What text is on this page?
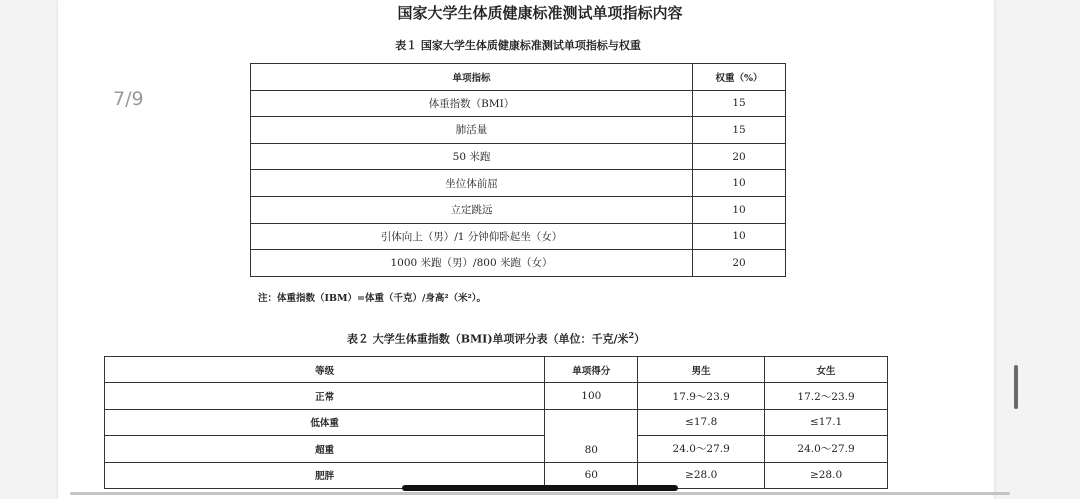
7/9
国家大学生体质健康标准测试单项指标内容
表１ 国家大学生体质健康标准测试单项指标与权重
单项指标	权重（%）
体重指数（BMI）	15
肺活量	15
50 米跑	20
坐位体前屈	10
立定跳远	10
引体向上（男）/1 分钟仰卧起坐（女）	10
1000 米跑（男）/800 米跑（女）	20
注：体重指数（IBM）=体重（千克）/身高²（米²）。
表２ 大学生体重指数（BMI)单项评分表（单位：千克/米$^2$）
等级	单项得分	男生	女生
正常	100	17.9～23.9	17.2～23.9
低体重	80	≤17.8	≤17.1
超重		24.0～27.9	24.0～27.9
肥胖	60	≥28.0	≥28.0
